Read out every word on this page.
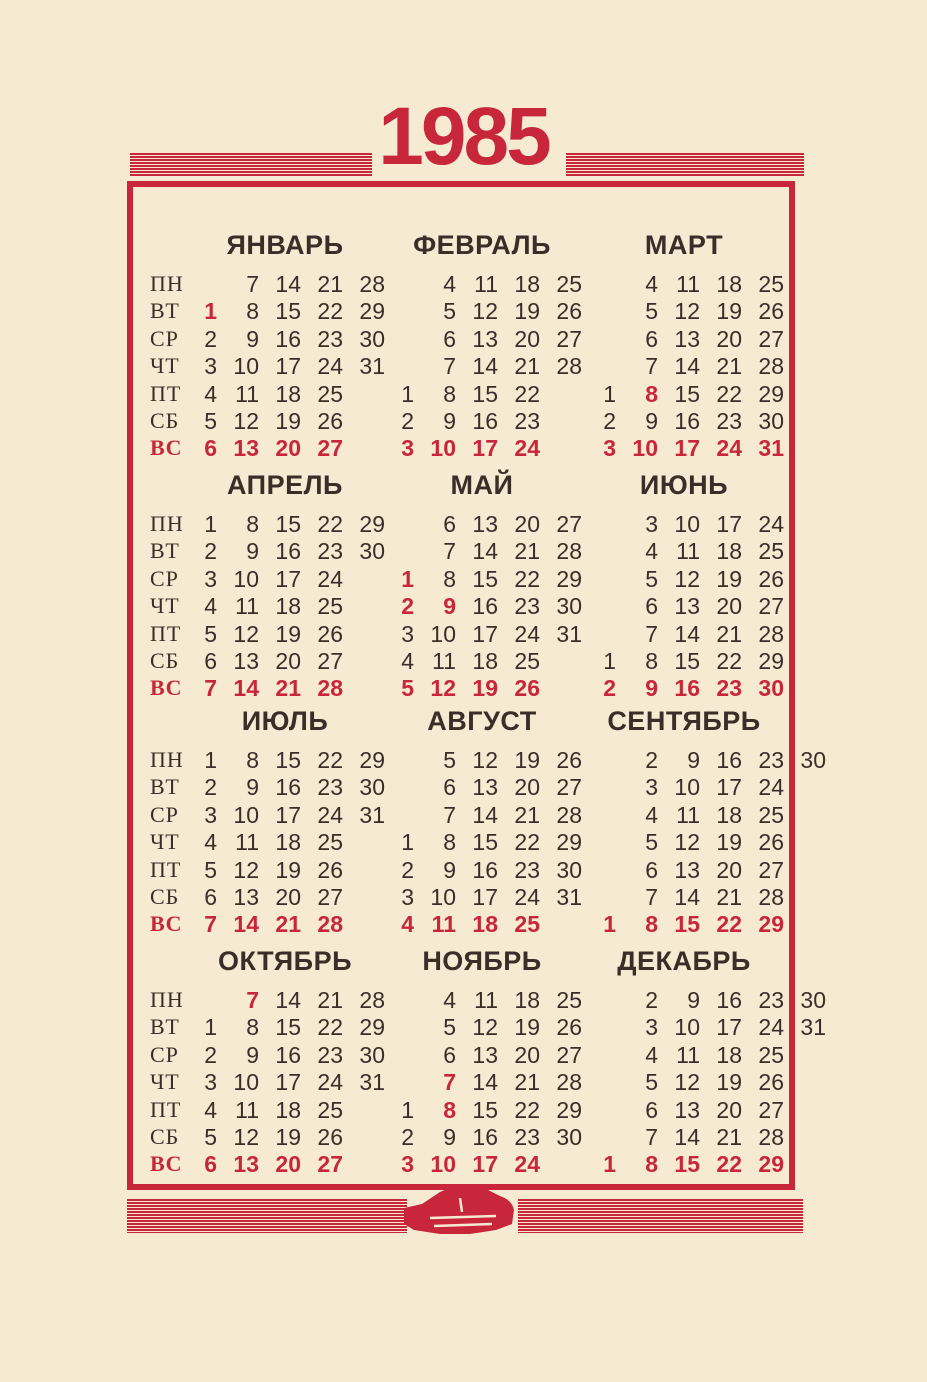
1985
ПН
ВТ
СР
ЧТ
ПТ
СБ
ВС
ПН
ВТ
СР
ЧТ
ПТ
СБ
ВС
ПН
ВТ
СР
ЧТ
ПТ
СБ
ВС
ПН
ВТ
СР
ЧТ
ПТ
СБ
ВС
ЯНВАРЬ
1
2
3
4
5
6
7
8
9
10
11
12
13
14
15
16
17
18
19
20
21
22
23
24
25
26
27
28
29
30
31
ФЕВРАЛЬ
1
2
3
4
5
6
7
8
9
10
11
12
13
14
15
16
17
18
19
20
21
22
23
24
25
26
27
28
МАРТ
1
2
3
4
5
6
7
8
9
10
11
12
13
14
15
16
17
18
19
20
21
22
23
24
25
26
27
28
29
30
31
АПРЕЛЬ
1
2
3
4
5
6
7
8
9
10
11
12
13
14
15
16
17
18
19
20
21
22
23
24
25
26
27
28
29
30
МАЙ
1
2
3
4
5
6
7
8
9
10
11
12
13
14
15
16
17
18
19
20
21
22
23
24
25
26
27
28
29
30
31
ИЮНЬ
1
2
3
4
5
6
7
8
9
10
11
12
13
14
15
16
17
18
19
20
21
22
23
24
25
26
27
28
29
30
ИЮЛЬ
1
2
3
4
5
6
7
8
9
10
11
12
13
14
15
16
17
18
19
20
21
22
23
24
25
26
27
28
29
30
31
АВГУСТ
1
2
3
4
5
6
7
8
9
10
11
12
13
14
15
16
17
18
19
20
21
22
23
24
25
26
27
28
29
30
31
СЕНТЯБРЬ
1
2
3
4
5
6
7
8
9
10
11
12
13
14
15
16
17
18
19
20
21
22
23
24
25
26
27
28
29
30
ОКТЯБРЬ
1
2
3
4
5
6
7
8
9
10
11
12
13
14
15
16
17
18
19
20
21
22
23
24
25
26
27
28
29
30
31
НОЯБРЬ
1
2
3
4
5
6
7
8
9
10
11
12
13
14
15
16
17
18
19
20
21
22
23
24
25
26
27
28
29
30
ДЕКАБРЬ
1
2
3
4
5
6
7
8
9
10
11
12
13
14
15
16
17
18
19
20
21
22
23
24
25
26
27
28
29
30
31
